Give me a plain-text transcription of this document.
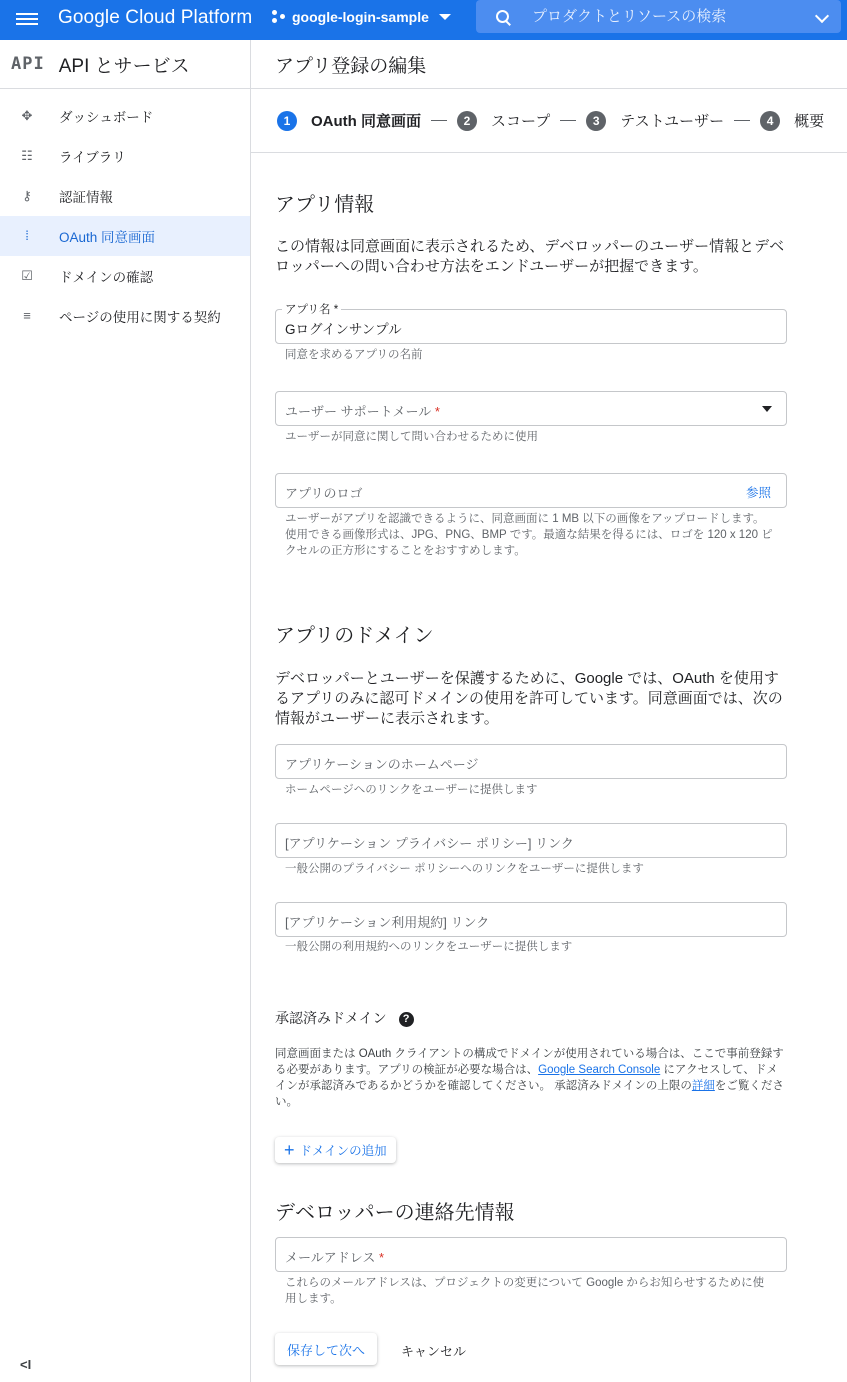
Google Cloud Platform	google-login-sample
プロダクトとリソースの検索
API API とサービス
✥ ダッシュボード
☷ ライブラリ
⚷ 認証情報
⁞	OAuth 同意画面
☑ ドメインの確認
≡	ページの使用に関する契約
<I
アプリ登録の編集
1	OAuth 同意画面	2	スコープ	3	テストユーザー	4	概要
アプリ情報

この情報は同意画面に表示されるため、デベロッパーのユーザー情報とデベロッパーへの問い合わせ方法をエンドユーザーが把握できます。

アプリ名 *
Gログインサンプル
同意を求めるアプリの名前
ユーザー サポートメール *
ユーザーが同意に関して問い合わせるために使用
アプリのロゴ	参照
ユーザーがアプリを認識できるように、同意画面に 1 MB 以下の画像をアップロードします。使用できる画像形式は、JPG、PNG、BMP です。最適な結果を得るには、ロゴを 120 x 120 ピクセルの正方形にすることをおすすめします。
アプリのドメイン

デベロッパーとユーザーを保護するために、Google では、OAuth を使用するアプリのみに認可ドメインの使用を許可しています。同意画面では、次の情報がユーザーに表示されます。

アプリケーションのホームページ
ホームページへのリンクをユーザーに提供します
[アプリケーション プライバシー ポリシー] リンク
一般公開のプライバシー ポリシーへのリンクをユーザーに提供します
[アプリケーション利用規約] リンク
一般公開の利用規約へのリンクをユーザーに提供します
承認済みドメイン ?
同意画面または OAuth クライアントの構成でドメインが使用されている場合は、ここで事前登録する必要があります。アプリの検証が必要な場合は、Google Search Console にアクセスして、ドメインが承認済みであるかどうかを確認してください。 承認済みドメインの上限の詳細をご覧ください。
+ ドメインの追加
デベロッパーの連絡先情報
メールアドレス *
これらのメールアドレスは、プロジェクトの変更について Google からお知らせするために使用します。
保存して次へ	キャンセル
